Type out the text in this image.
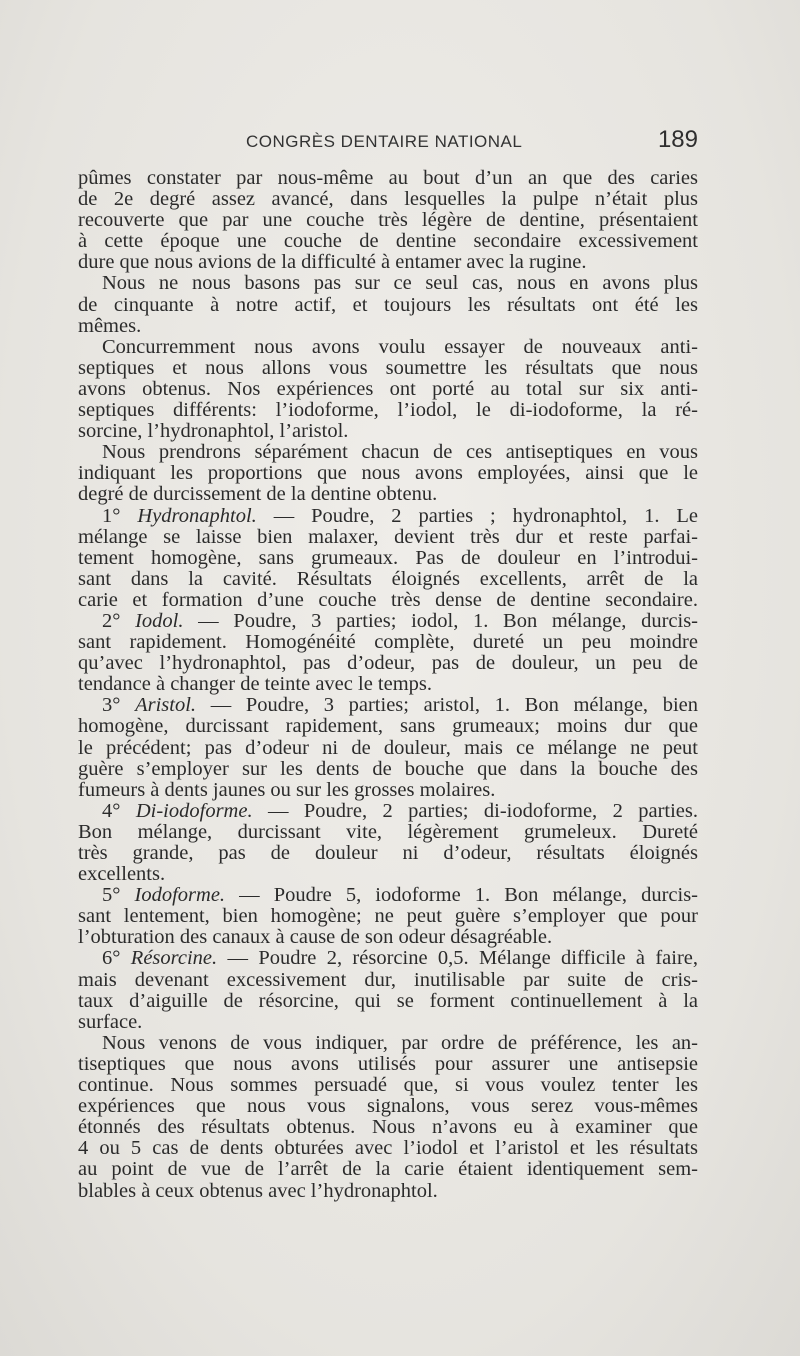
CONGRÈS DENTAIRE NATIONAL	189
pûmes constater par nous-même au bout d’un an que des caries
de 2e degré assez avancé, dans lesquelles la pulpe n’était plus
recouverte que par une couche très légère de dentine, présentaient
à cette époque une couche de dentine secondaire excessivement
dure que nous avions de la difficulté à entamer avec la rugine.
Nous ne nous basons pas sur ce seul cas, nous en avons plus
de cinquante à notre actif, et toujours les résultats ont été les
mêmes.
Concurremment nous avons voulu essayer de nouveaux anti-
septiques et nous allons vous soumettre les résultats que nous
avons obtenus. Nos expériences ont porté au total sur six anti-
septiques différents: l’iodoforme, l’iodol, le di-iodoforme, la ré-
sorcine, l’hydronaphtol, l’aristol.
Nous prendrons séparément chacun de ces antiseptiques en vous
indiquant les proportions que nous avons employées, ainsi que le
degré de durcissement de la dentine obtenu.
1° Hydronaphtol. — Poudre, 2 parties ; hydronaphtol, 1. Le
mélange se laisse bien malaxer, devient très dur et reste parfai-
tement homogène, sans grumeaux. Pas de douleur en l’introdui-
sant dans la cavité. Résultats éloignés excellents, arrêt de la
carie et formation d’une couche très dense de dentine secondaire.
2° Iodol. — Poudre, 3 parties; iodol, 1. Bon mélange, durcis-
sant rapidement. Homogénéité complète, dureté un peu moindre
qu’avec l’hydronaphtol, pas d’odeur, pas de douleur, un peu de
tendance à changer de teinte avec le temps.
3° Aristol. — Poudre, 3 parties; aristol, 1. Bon mélange, bien
homogène, durcissant rapidement, sans grumeaux; moins dur que
le précédent; pas d’odeur ni de douleur, mais ce mélange ne peut
guère s’employer sur les dents de bouche que dans la bouche des
fumeurs à dents jaunes ou sur les grosses molaires.
4° Di-iodoforme. — Poudre, 2 parties; di-iodoforme, 2 parties.
Bon mélange, durcissant vite, légèrement grumeleux. Dureté
très grande, pas de douleur ni d’odeur, résultats éloignés
excellents.
5° Iodoforme. — Poudre 5, iodoforme 1. Bon mélange, durcis-
sant lentement, bien homogène; ne peut guère s’employer que pour
l’obturation des canaux à cause de son odeur désagréable.
6° Résorcine. — Poudre 2, résorcine 0,5. Mélange difficile à faire,
mais devenant excessivement dur, inutilisable par suite de cris-
taux d’aiguille de résorcine, qui se forment continuellement à la
surface.
Nous venons de vous indiquer, par ordre de préférence, les an-
tiseptiques que nous avons utilisés pour assurer une antisepsie
continue. Nous sommes persuadé que, si vous voulez tenter les
expériences que nous vous signalons, vous serez vous-mêmes
étonnés des résultats obtenus. Nous n’avons eu à examiner que
4 ou 5 cas de dents obturées avec l’iodol et l’aristol et les résultats
au point de vue de l’arrêt de la carie étaient identiquement sem-
blables à ceux obtenus avec l’hydronaphtol.
